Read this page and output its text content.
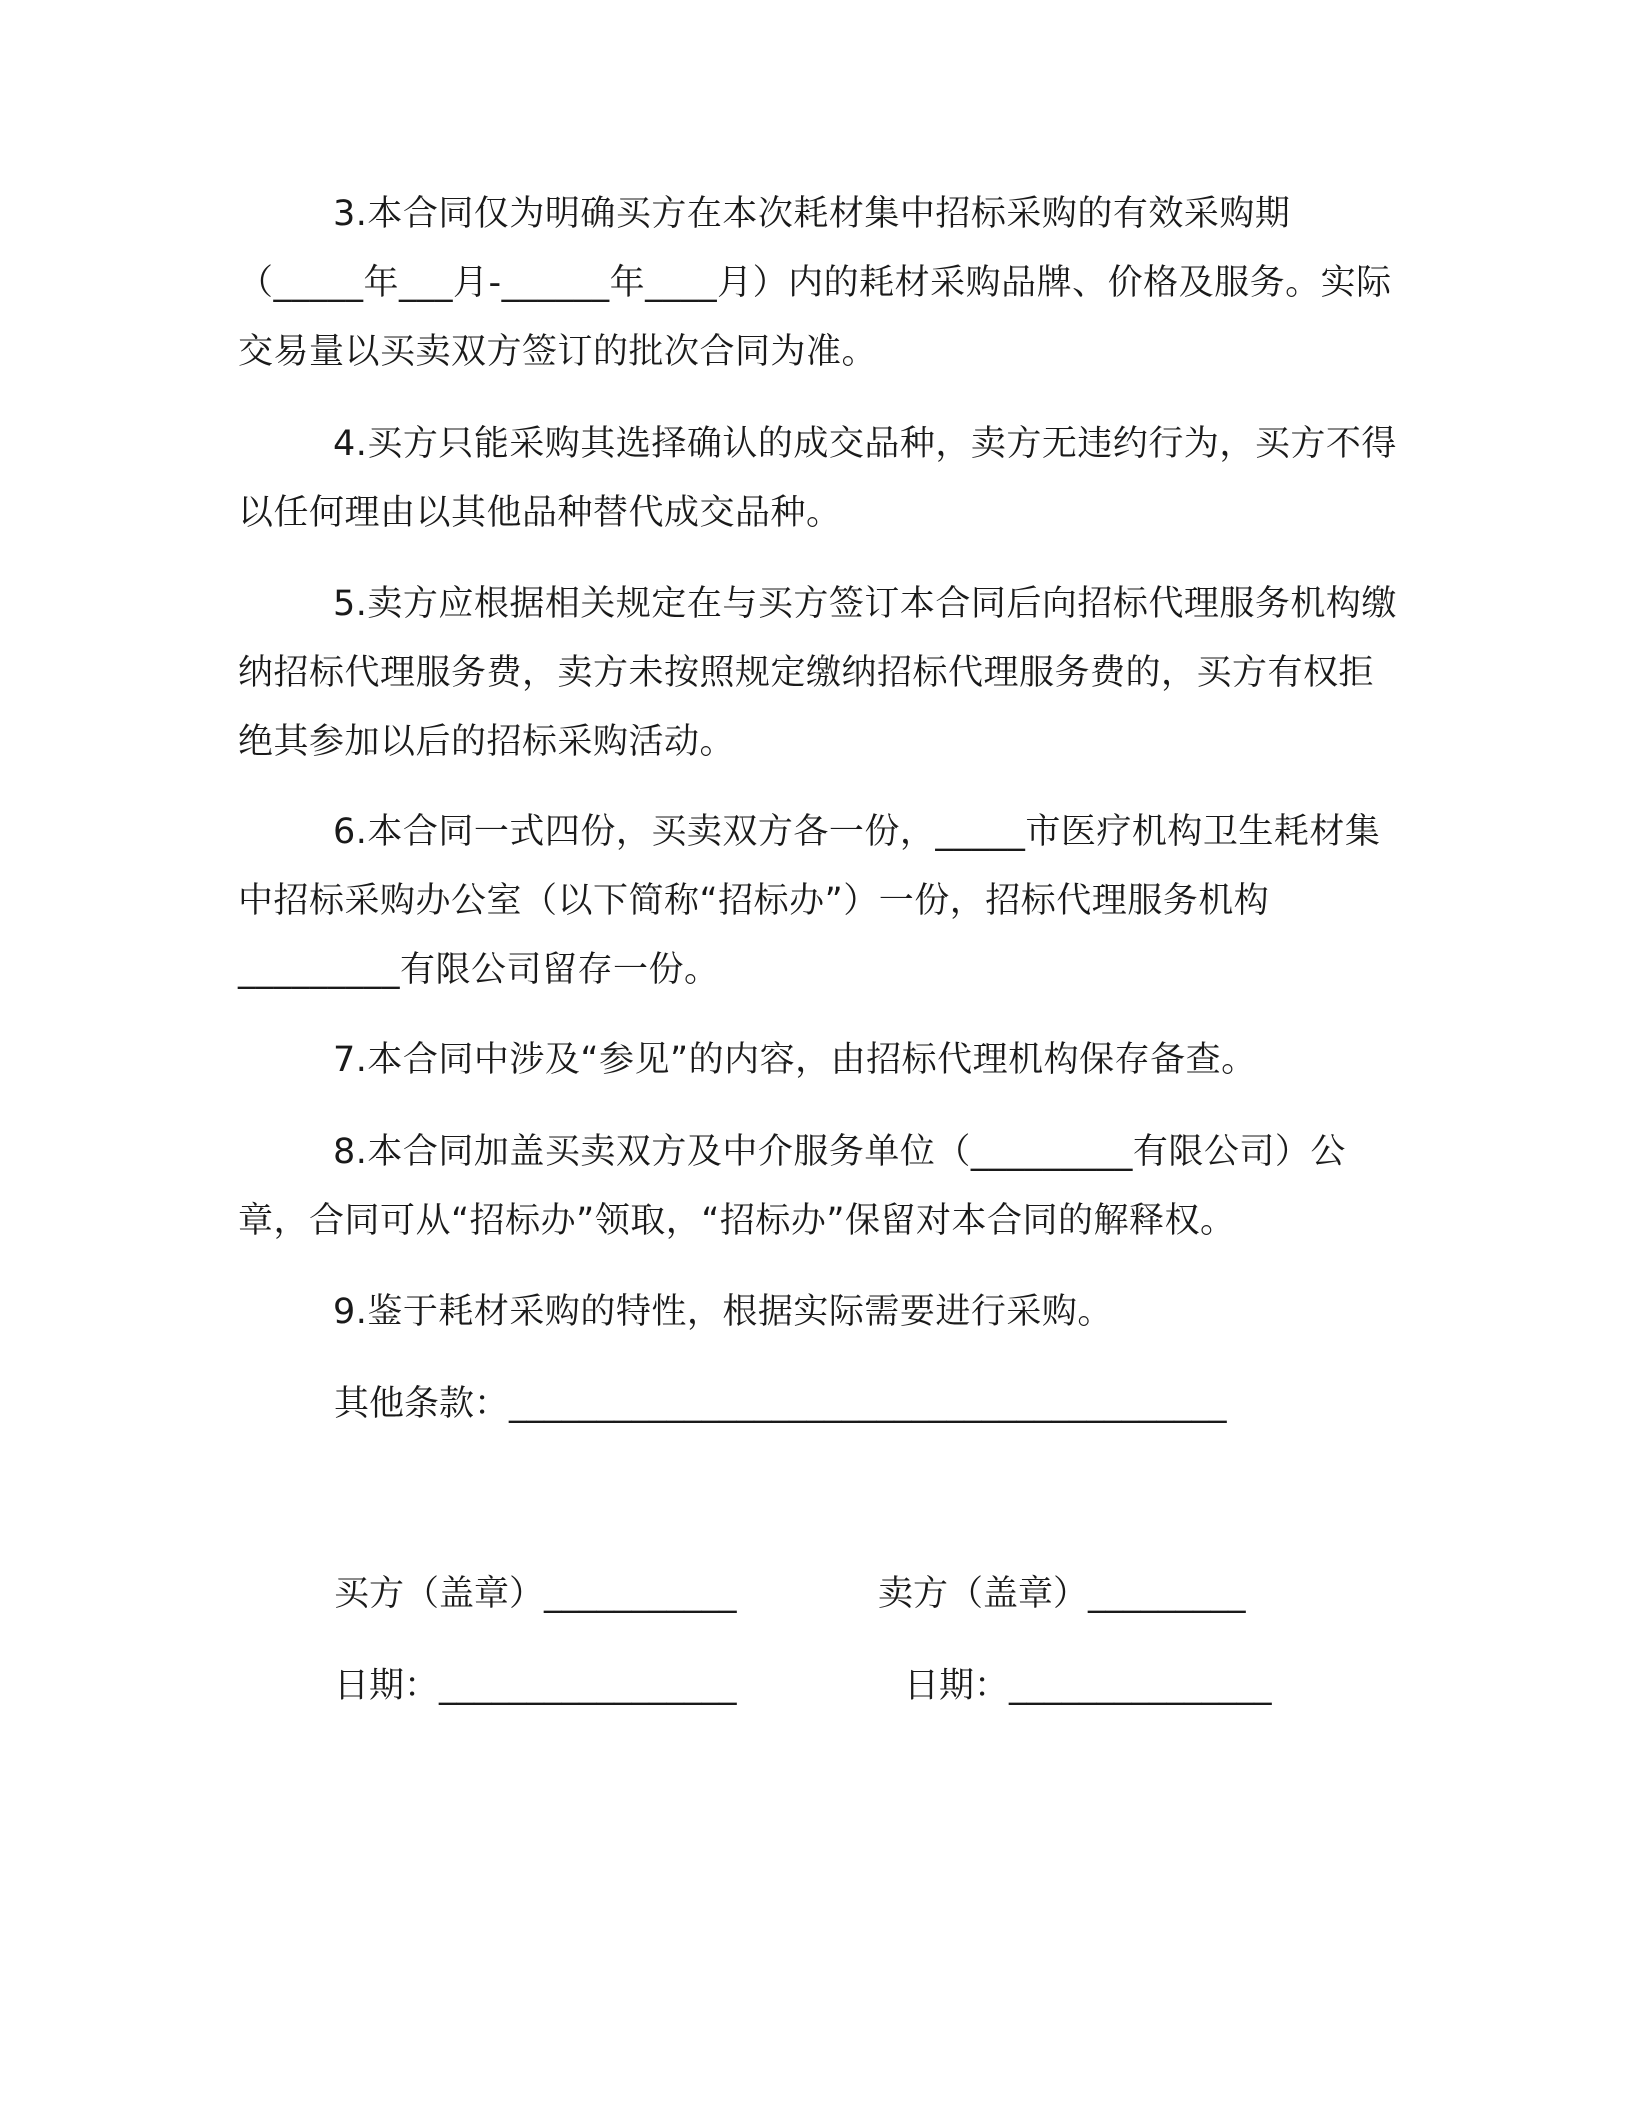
3.本合同仅为明确买方在本次耗材集中招标采购的有效采购期（_____年___月-______年____月）内的耗材采购品牌、价格及服务。实际交易量以买卖双方签订的批次合同为准。

4.买方只能采购其选择确认的成交品种，卖方无违约行为，买方不得以任何理由以其他品种替代成交品种。

5.卖方应根据相关规定在与买方签订本合同后向招标代理服务机构缴纳招标代理服务费，卖方未按照规定缴纳招标代理服务费的，买方有权拒绝其参加以后的招标采购活动。

6.本合同一式四份，买卖双方各一份，_____市医疗机构卫生耗材集中招标采购办公室（以下简称“招标办”）一份，招标代理服务机构_________有限公司留存一份。

7.本合同中涉及“参见”的内容，由招标代理机构保存备查。

8.本合同加盖买卖双方及中介服务单位（_________有限公司）公章，合同可从“招标办”领取，“招标办”保留对本合同的解释权。

9.鉴于耗材采购的特性，根据实际需要进行采购。

其他条款：_________________________________________

买方（盖章）___________	卖方（盖章）_________

日期：_________________	日期：_______________
